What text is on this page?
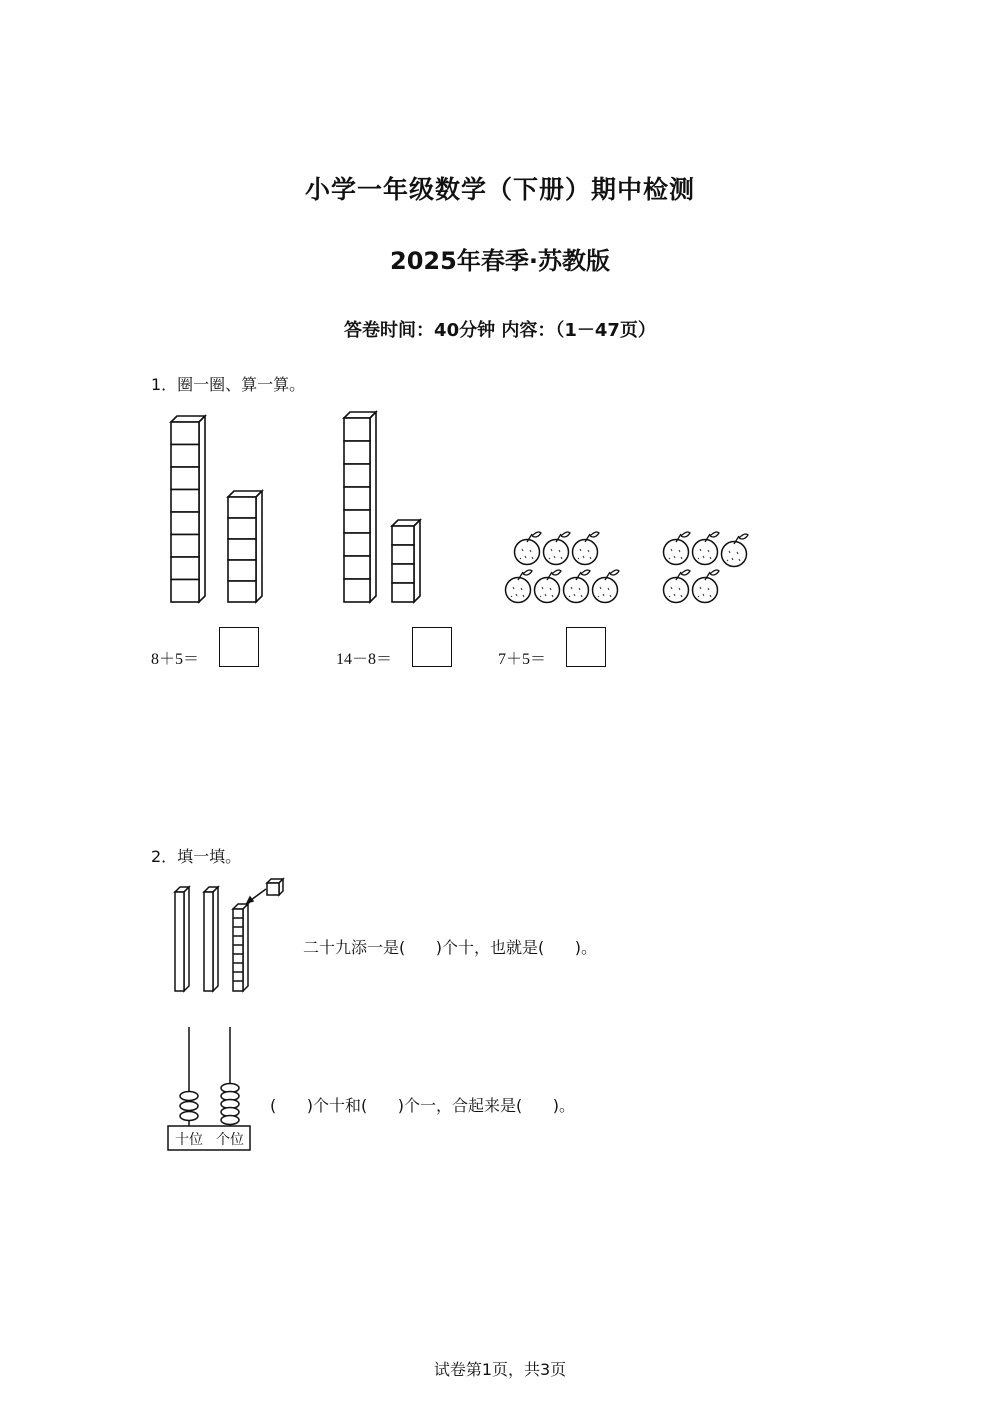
小学一年级数学（下册）期中检测
2025年春季·苏教版
答卷时间：40分钟 内容：（1－47页）
1．圈一圈、算一算。
8＋5＝	14－8＝	7＋5＝
2．填一填。
二十九添一是(      )个十，也就是(      )。
十位 个位
(      )个十和(      )个一，合起来是(      )。
试卷第1页，共3页
